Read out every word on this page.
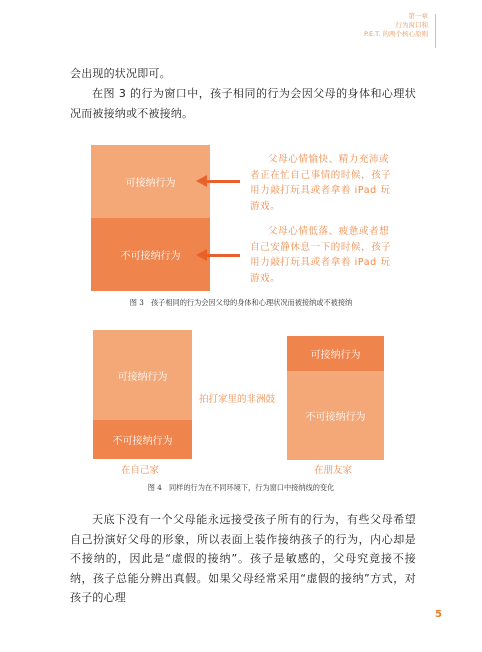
第一章
行为窗口和
P.E.T. 的两个核心原则
会出现的状况即可。
在图 3 的行为窗口中，孩子相同的行为会因父母的身体和心理状况而被接纳或不被接纳。
可接纳行为
不可接纳行为
父母心情愉快、精力充沛或者正在忙自己事情的时候，孩子用力敲打玩具或者拿着 iPad 玩游戏。
父母心情低落、疲惫或者想自己安静休息一下的时候，孩子用力敲打玩具或者拿着 iPad 玩游戏。
图 3　孩子相同的行为会因父母的身体和心理状况而被接纳或不被接纳
可接纳行为
不可接纳行为
可接纳行为
不可接纳行为
拍打家里的非洲鼓
在自己家	在朋友家
图 4　同样的行为在不同环境下，行为窗口中接纳线的变化
天底下没有一个父母能永远接受孩子所有的行为，有些父母希望自己扮演好父母的形象，所以表面上装作接纳孩子的行为，内心却是不接纳的，因此是“虚假的接纳”。孩子是敏感的，父母究竟接不接纳，孩子总能分辨出真假。如果父母经常采用“虚假的接纳”方式，对孩子的心理
5
